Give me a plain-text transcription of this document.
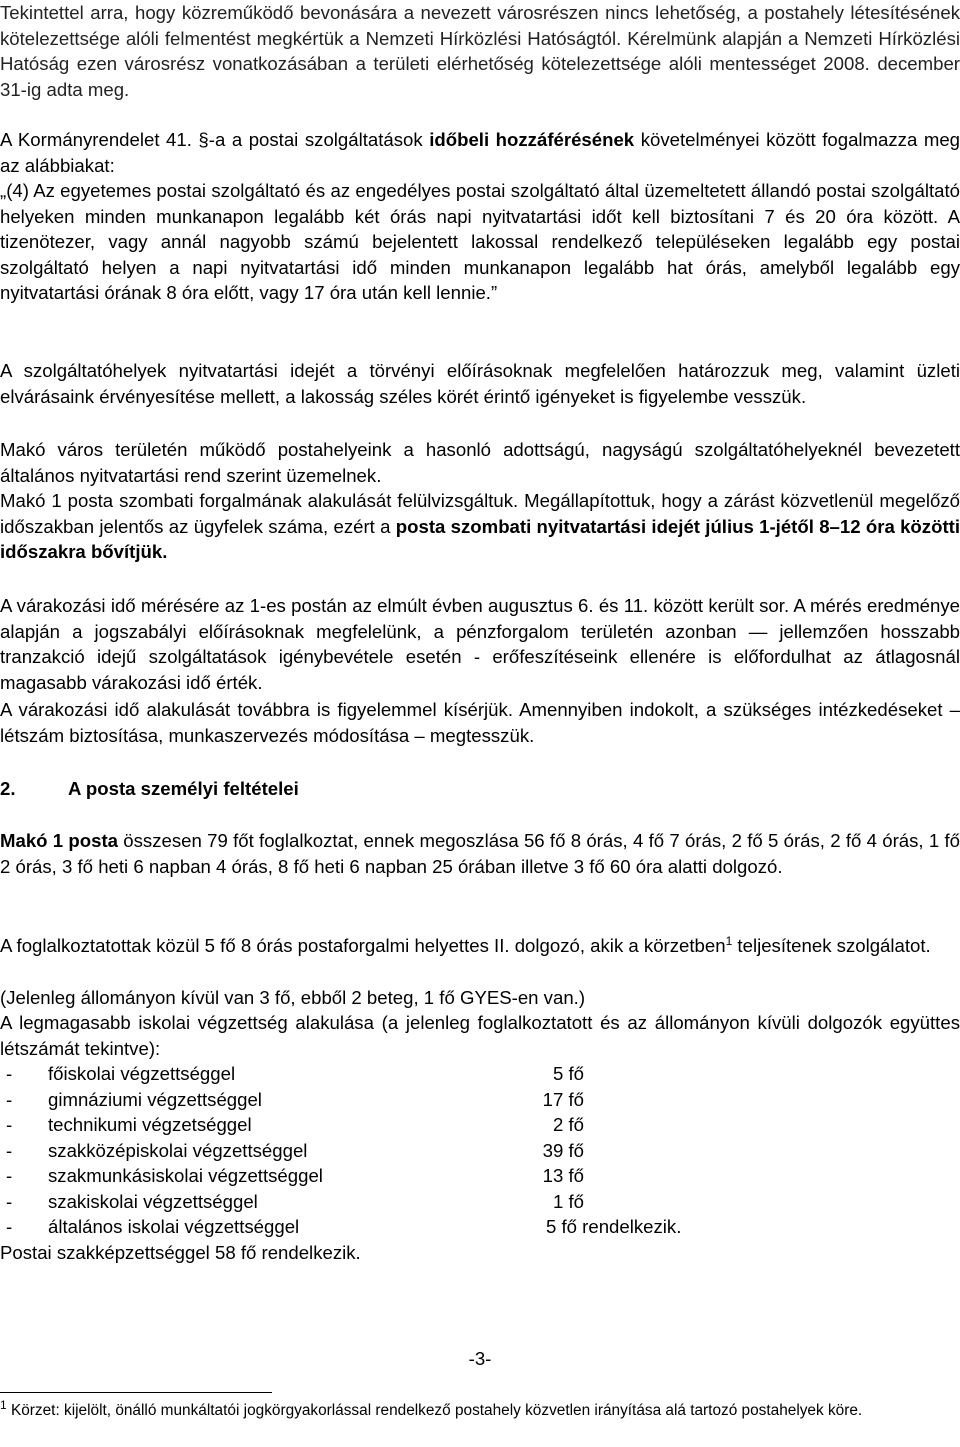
Tekintettel arra, hogy közreműködő bevonására a nevezett városrészen nincs lehetőség, a postahely létesítésének kötelezettsége alóli felmentést megkértük a Nemzeti Hírközlési Hatóságtól. Kérelmünk alapján a Nemzeti Hírközlési Hatóság ezen városrész vonatkozásában a területi elérhetőség kötelezettsége alóli mentességet 2008. december 31-ig adta meg.

A Kormányrendelet 41. §-a a postai szolgáltatások időbeli hozzáférésének követelményei között fogalmazza meg az alábbiakat:
„(4) Az egyetemes postai szolgáltató és az engedélyes postai szolgáltató által üzemeltetett állandó postai szolgáltató helyeken minden munkanapon legalább két órás napi nyitvatartási időt kell biztosítani 7 és 20 óra között. A tizenötezer, vagy annál nagyobb számú bejelentett lakossal rendelkező településeken legalább egy postai szolgáltató helyen a napi nyitvatartási idő minden munkanapon legalább hat órás, amelyből legalább egy nyitvatartási órának 8 óra előtt, vagy 17 óra után kell lennie.”

A szolgáltatóhelyek nyitvatartási idejét a törvényi előírásoknak megfelelően határozzuk meg, valamint üzleti elvárásaink érvényesítése mellett, a lakosság széles körét érintő igényeket is figyelembe vesszük.

Makó város területén működő postahelyeink a hasonló adottságú, nagyságú szolgáltatóhelyeknél bevezetett általános nyitvatartási rend szerint üzemelnek.

Makó 1 posta szombati forgalmának alakulását felülvizsgáltuk. Megállapítottuk, hogy a zárást közvetlenül megelőző időszakban jelentős az ügyfelek száma, ezért a posta szombati nyitvatartási idejét július 1-jétől 8–12 óra közötti időszakra bővítjük.

A várakozási idő mérésére az 1-es postán az elmúlt évben augusztus 6. és 11. között került sor. A mérés eredménye alapján a jogszabályi előírásoknak megfelelünk, a pénzforgalom területén azonban — jellemzően hosszabb tranzakció idejű szolgáltatások igénybevétele esetén - erőfeszítéseink ellenére is előfordulhat az átlagosnál magasabb várakozási idő érték.

A várakozási idő alakulását továbbra is figyelemmel kísérjük. Amennyiben indokolt, a szükséges intézkedéseket – létszám biztosítása, munkaszervezés módosítása – megtesszük.

2.	A posta személyi feltételei

Makó 1 posta összesen 79 főt foglalkoztat, ennek megoszlása 56 fő 8 órás, 4 fő 7 órás, 2 fő 5 órás, 2 fő 4 órás, 1 fő 2 órás, 3 fő heti 6 napban 4 órás, 8 fő heti 6 napban 25 órában illetve 3 fő 60 óra alatti dolgozó.

A foglalkoztatottak közül 5 fő 8 órás postaforgalmi helyettes II. dolgozó, akik a körzetben$^1$ teljesítenek szolgálatot.

(Jelenleg állományon kívül van 3 fő, ebből 2 beteg, 1 fő GYES-en van.)

A legmagasabb iskolai végzettség alakulása (a jelenleg foglalkoztatott és az állományon kívüli dolgozók együttes létszámát tekintve):

- főiskolai végzettséggel	5 fő
- gimnáziumi végzettséggel	17 fő
- technikumi végzetséggel	2 fő
- szakközépiskolai végzettséggel	39 fő
- szakmunkásiskolai végzettséggel	13 fő
- szakiskolai végzettséggel	1 fő
- általános iskolai végzettséggel	5 fő rendelkezik.

Postai szakképzettséggel 58 fő rendelkezik.

-3-
$^1$ Körzet: kijelölt, önálló munkáltatói jogkörgyakorlással rendelkező postahely közvetlen irányítása alá tartozó postahelyek köre.
